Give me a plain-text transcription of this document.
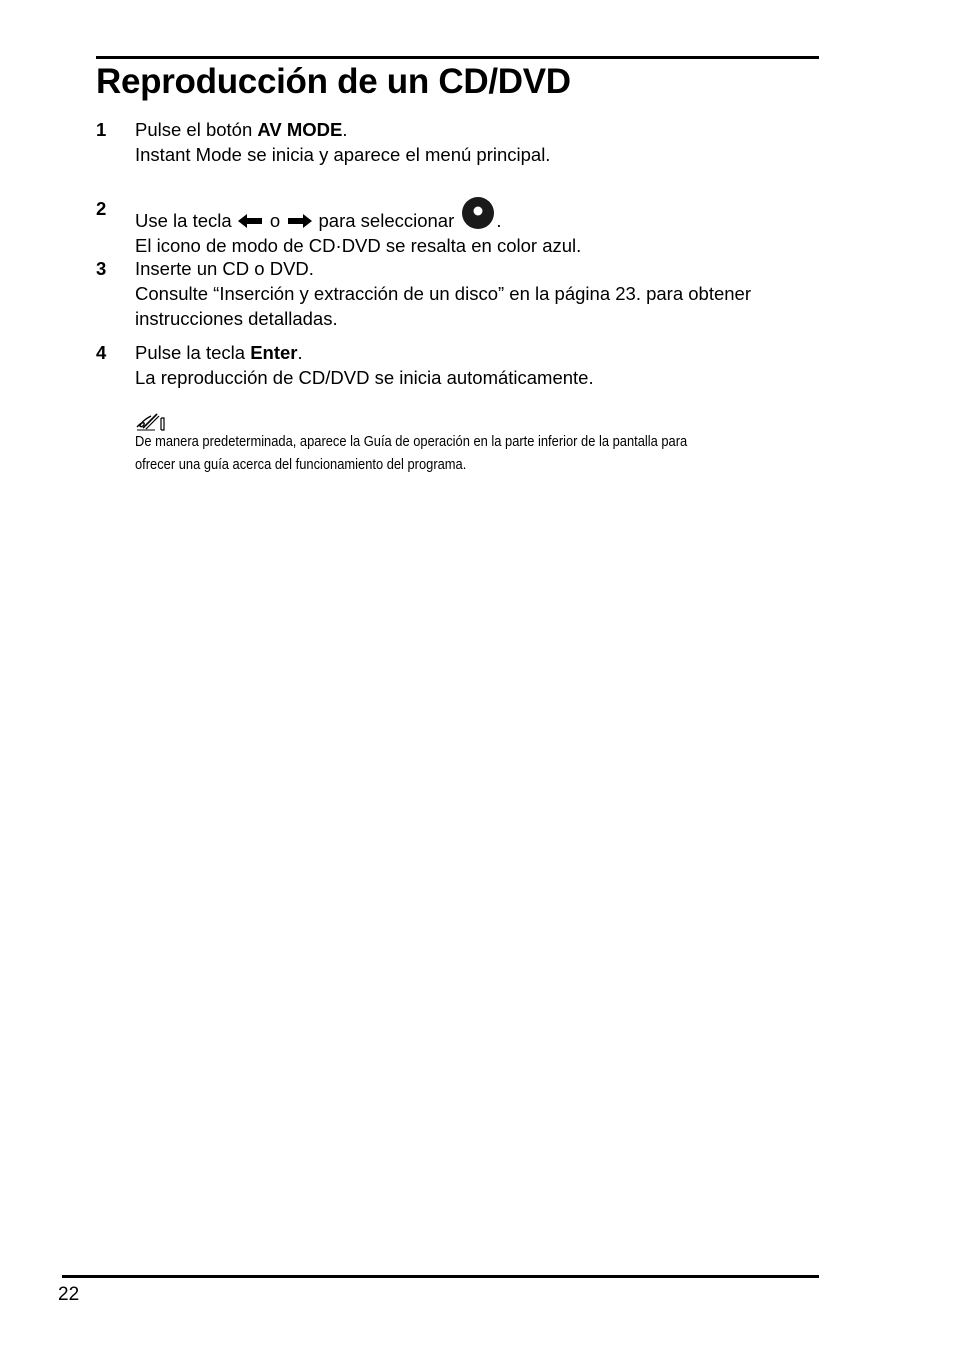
Reproducción de un CD/DVD
1 Pulse el botón AV MODE.
Instant Mode se inicia y aparece el menú principal.
2
Use la tecla  o  para seleccionar .
El icono de modo de CD·DVD se resalta en color azul.
3 Inserte un CD o DVD.
Consulte “Inserción y extracción de un disco” en la página 23. para obtener
instrucciones detalladas.
4 Pulse la tecla Enter.
La reproducción de CD/DVD se inicia automáticamente.
De manera predeterminada, aparece la Guía de operación en la parte inferior de la pantalla para
ofrecer una guía acerca del funcionamiento del programa.
22
